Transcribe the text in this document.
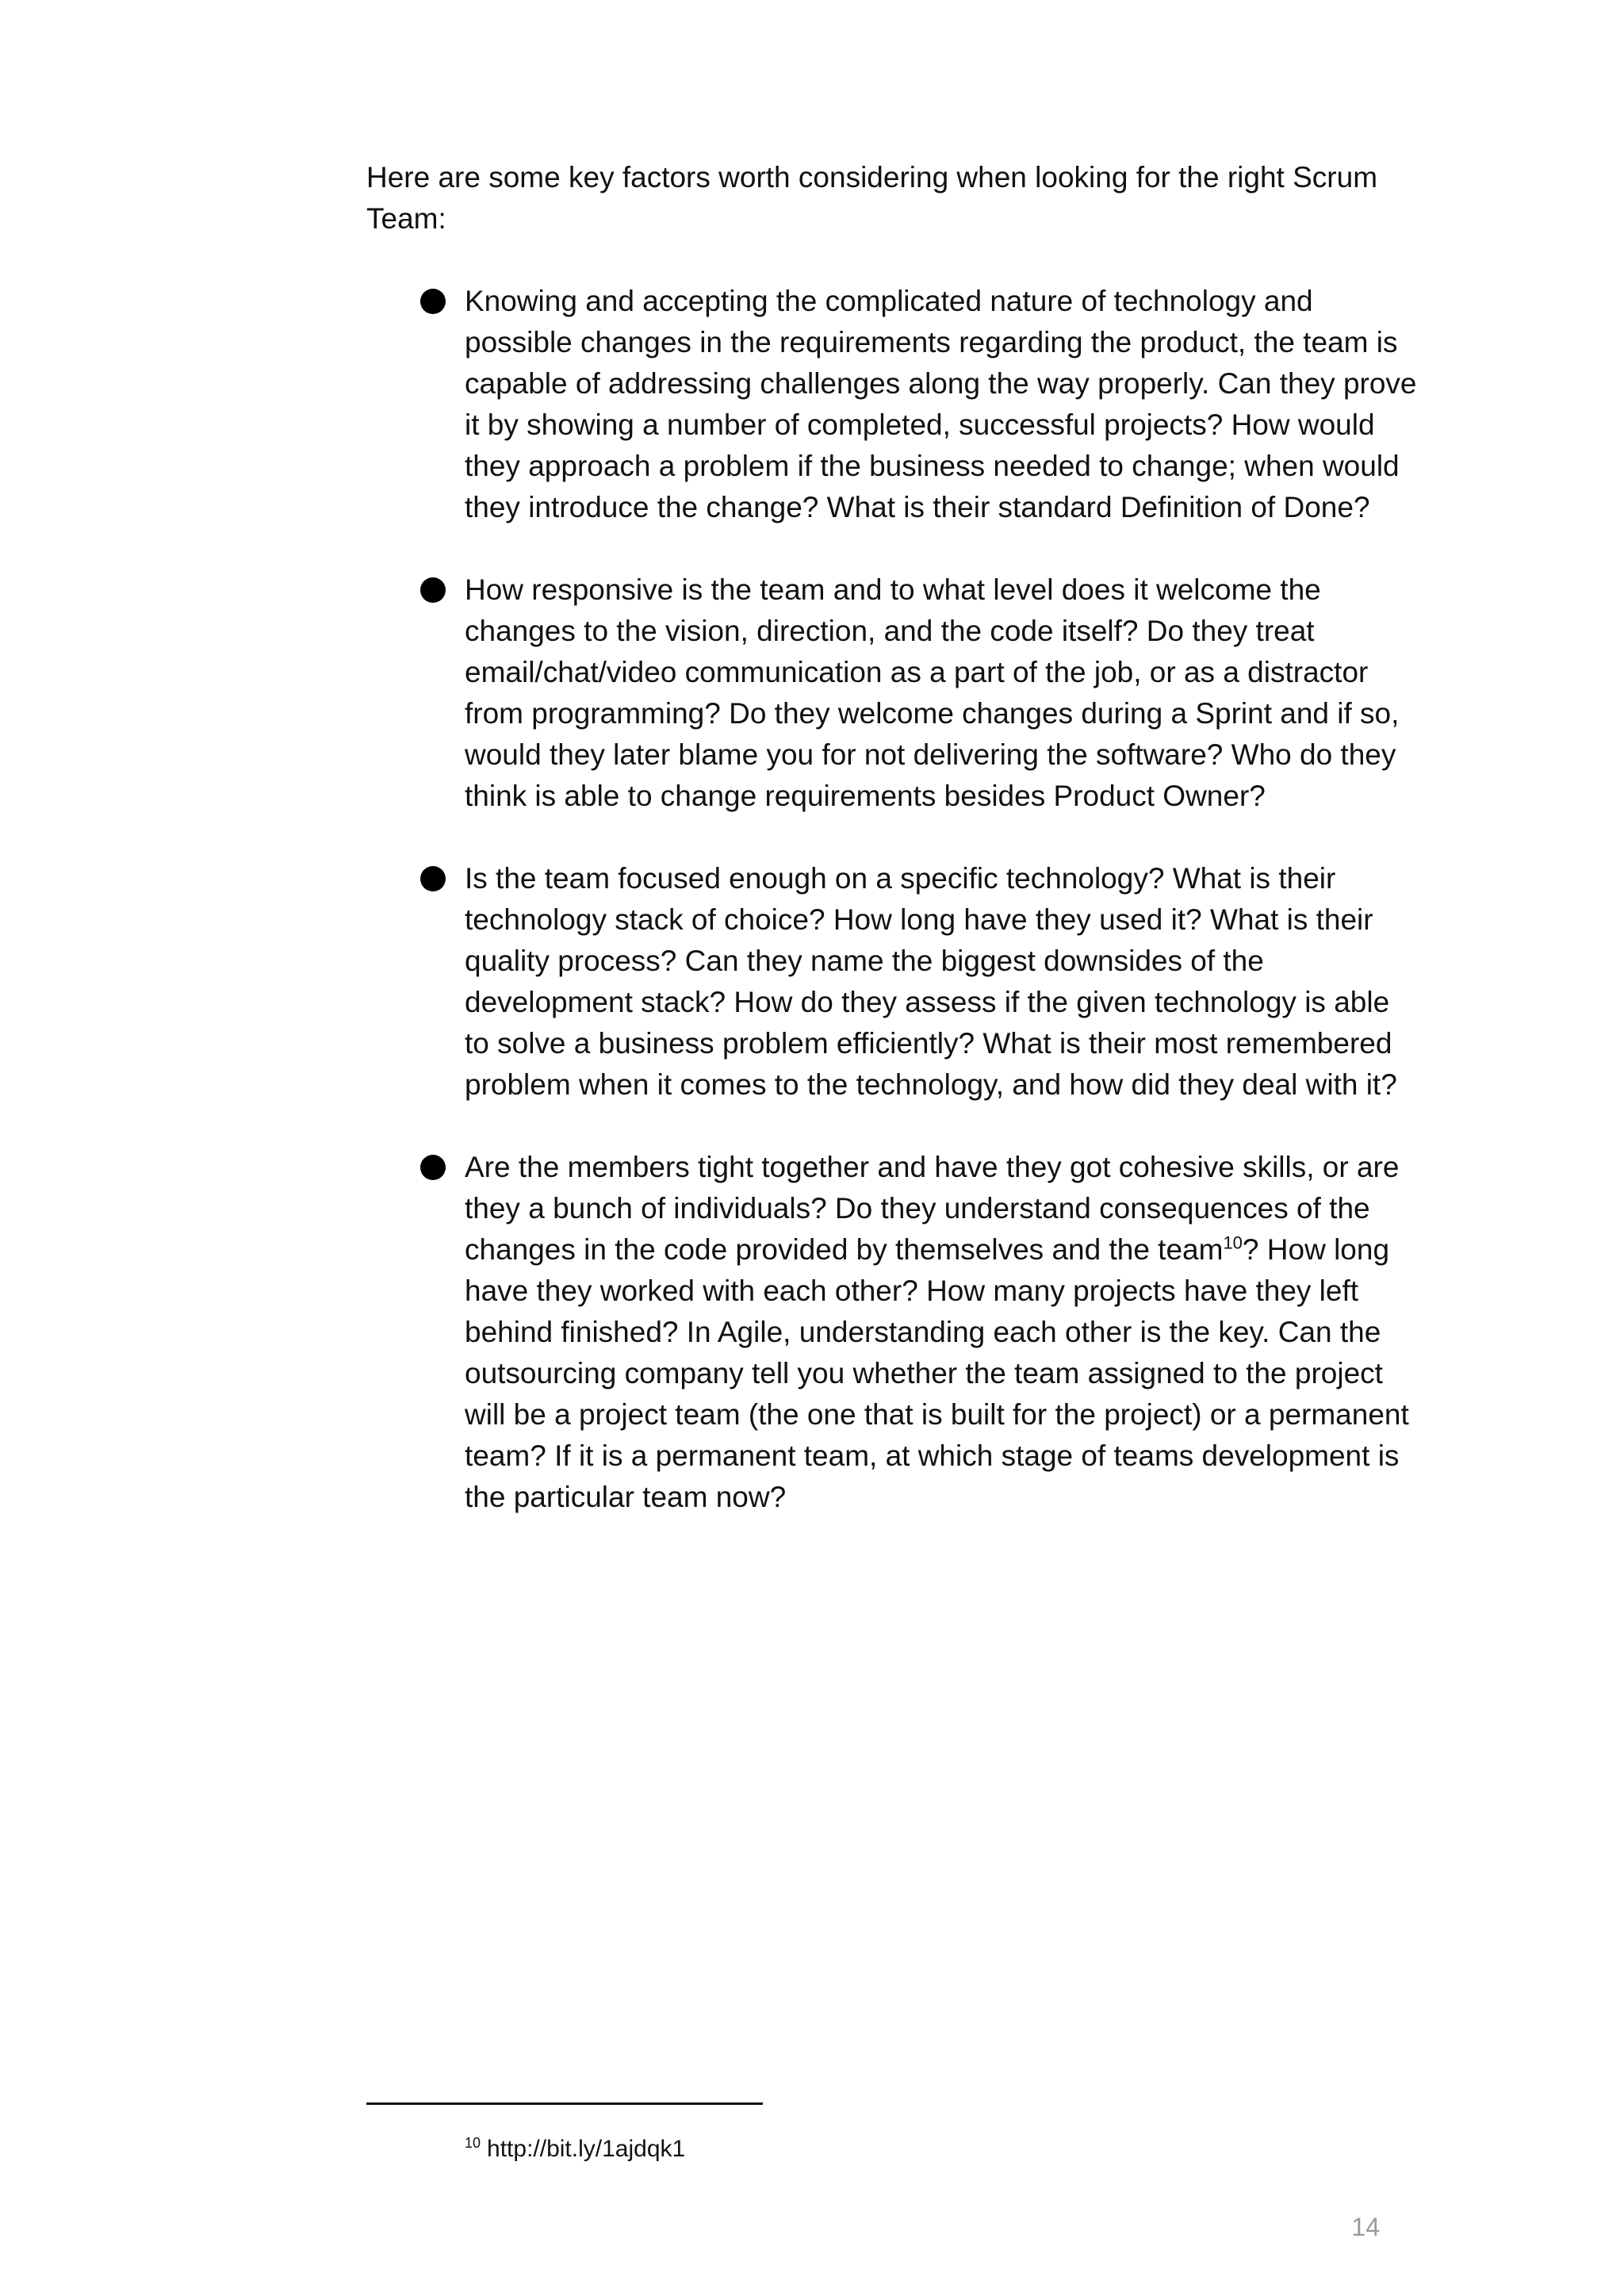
Here are some key factors worth considering when looking for the right Scrum Team:

Knowing and accepting the complicated nature of technology and possible changes in the requirements regarding the product, the team is capable of addressing challenges along the way properly. Can they prove it by showing a number of completed, successful projects? How would they approach a problem if the business needed to change; when would they introduce the change? What is their standard Definition of Done?
How responsive is the team and to what level does it welcome the changes to the vision, direction, and the code itself? Do they treat email/chat/video communication as a part of the job, or as a distractor from programming? Do they welcome changes during a Sprint and if so, would they later blame you for not delivering the software? Who do they think is able to change requirements besides Product Owner?
Is the team focused enough on a specific technology? What is their technology stack of choice? How long have they used it? What is their quality process? Can they name the biggest downsides of the development stack? How do they assess if the given technology is able to solve a business problem efficiently? What is their most remembered problem when it comes to the technology, and how did they deal with it?
Are the members tight together and have they got cohesive skills, or are they a bunch of individuals? Do they understand consequences of the changes in the code provided by themselves and the team$^{10}$? How long have they worked with each other? How many projects have they left behind finished? In Agile, understanding each other is the key. Can the outsourcing company tell you whether the team assigned to the project will be a project team (the one that is built for the project) or a permanent team? If it is a permanent team, at which stage of teams development is the particular team now?
$^{10}$ http://bit.ly/1ajdqk1
14
